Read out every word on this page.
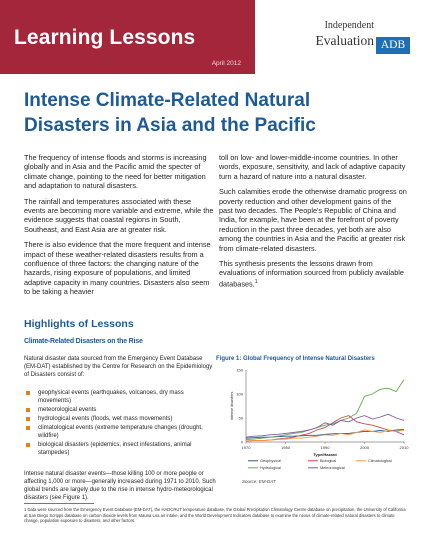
Learning Lessons
April 2012
Independent
Evaluation ADB
Intense Climate-Related Natural
Disasters in Asia and the Pacific

The frequency of intense floods and storms is increasing globally and in Asia and the Pacific amid the specter of climate change, pointing to the need for better mitigation and adaptation to natural disasters.

The rainfall and temperatures associated with these events are becoming more variable and extreme, while the evidence suggests that coastal regions in South, Southeast, and East Asia are at greater risk.

There is also evidence that the more frequent and intense impact of these weather-related disasters results from a confluence of three factors: the changing nature of the hazards, rising exposure of populations, and limited adaptive capacity in many countries. Disasters also seem to be taking a heavier

toll on low- and lower-middle-income countries. In other words, exposure, sensitivity, and lack of adaptive capacity turn a hazard of nature into a natural disaster.

Such calamities erode the otherwise dramatic progress on poverty reduction and other development gains of the past two decades. The People's Republic of China and India, for example, have been at the forefront of poverty reduction in the past three decades, yet both are also among the countries in Asia and the Pacific at greater risk from climate-related disasters.

This synthesis presents the lessons drawn from evaluations of information sourced from publicly available databases.$^1$

Highlights of Lessons
Climate-Related Disasters on the Rise
Natural disaster data sourced from the Emergency Event Database (EM-DAT) established by the Centre for Research on the Epidemiology of Disasters consist of:
geophysical events (earthquakes, volcanoes, dry mass movements)
meteorological events
hydrological events (floods, wet mass movements)
climatological events (extreme temperature changes (drought, wildfire)
biological disasters (epidemics, insect infestations, animal stampedes)
Intense natural disaster events—those killing 100 or more people or affecting 1,000 or more—generally increased during 1971 to 2010. Such global trends are largely due to the rise in intense hydro-meteorological disasters (see Figure 1).
Figure 1: Global Frequency of Intense Natural Disasters
0
50
100
150
1970	1980	1990	2000	2010
Intense disasters
Type/Hazard
Geophysical
Hydrological
Biological
Meteorological
Climatological
Source: EM-DAT
1 Data were sourced from the Emergency Event Database (EM-DAT), the HADCRUT temperature database, the Global Precipitation Climatology Centre database on precipitation, the University of California at San Diego Scripps database on carbon dioxide levels from Mauna Loa air intake, and the World Development Indicators database to examine the nexus of climate-related natural disasters to climate change, population exposure to disasters, and other factors.
